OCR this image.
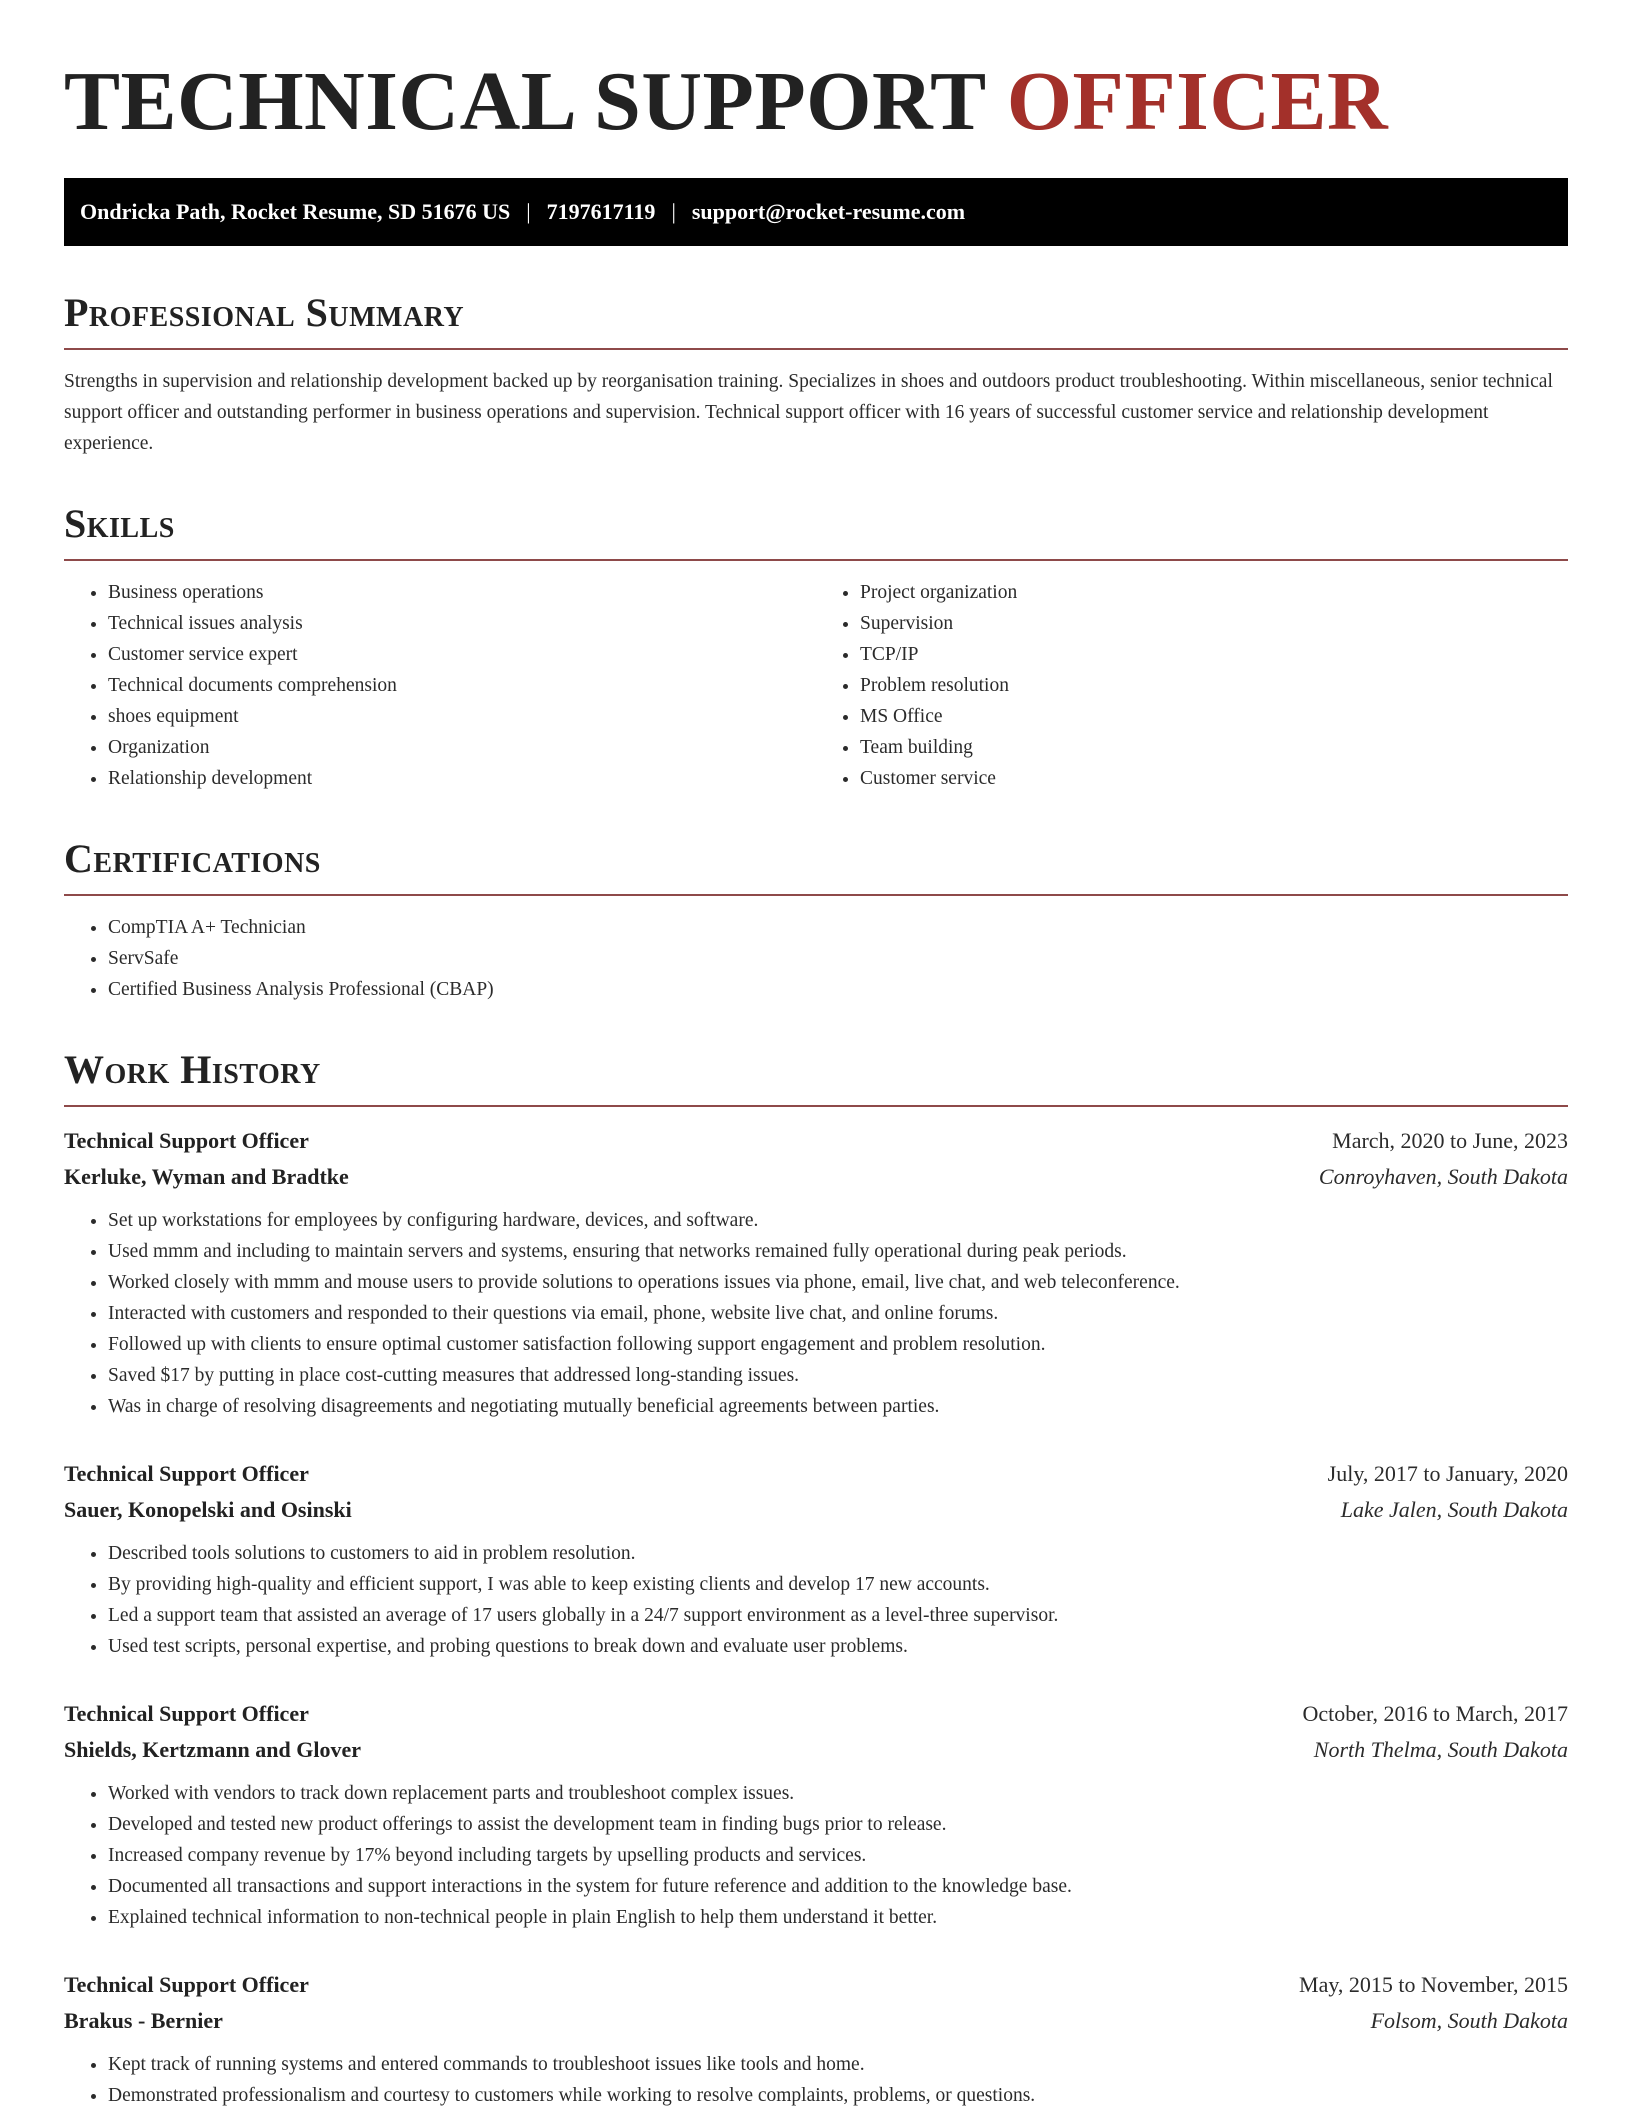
TECHNICAL SUPPORT OFFICER
Ondricka Path, Rocket Resume, SD 51676 US | 7197617119 | support@rocket-resume.com
Professional Summary

Strengths in supervision and relationship development backed up by reorganisation training. Specializes in shoes and outdoors product troubleshooting. Within miscellaneous, senior technical support officer and outstanding performer in business operations and supervision. Technical support officer with 16 years of successful customer service and relationship development experience.

Skills
• Business operations
• Technical issues analysis
• Customer service expert
• Technical documents comprehension
• shoes equipment
• Organization
• Relationship development
• Project organization
• Supervision
• TCP/IP
• Problem resolution
• MS Office
• Team building
• Customer service
Certifications
• CompTIA A+ Technician
• ServSafe
• Certified Business Analysis Professional (CBAP)
Work History
Technical Support Officer	March, 2020 to June, 2023
Kerluke, Wyman and Bradtke	Conroyhaven, South Dakota
• Set up workstations for employees by configuring hardware, devices, and software.
• Used mmm and including to maintain servers and systems, ensuring that networks remained fully operational during peak periods.
• Worked closely with mmm and mouse users to provide solutions to operations issues via phone, email, live chat, and web teleconference.
• Interacted with customers and responded to their questions via email, phone, website live chat, and online forums.
• Followed up with clients to ensure optimal customer satisfaction following support engagement and problem resolution.
• Saved $17 by putting in place cost-cutting measures that addressed long-standing issues.
• Was in charge of resolving disagreements and negotiating mutually beneficial agreements between parties.
Technical Support Officer	July, 2017 to January, 2020
Sauer, Konopelski and Osinski	Lake Jalen, South Dakota
• Described tools solutions to customers to aid in problem resolution.
• By providing high-quality and efficient support, I was able to keep existing clients and develop 17 new accounts.
• Led a support team that assisted an average of 17 users globally in a 24/7 support environment as a level-three supervisor.
• Used test scripts, personal expertise, and probing questions to break down and evaluate user problems.
Technical Support Officer	October, 2016 to March, 2017
Shields, Kertzmann and Glover	North Thelma, South Dakota
• Worked with vendors to track down replacement parts and troubleshoot complex issues.
• Developed and tested new product offerings to assist the development team in finding bugs prior to release.
• Increased company revenue by 17% beyond including targets by upselling products and services.
• Documented all transactions and support interactions in the system for future reference and addition to the knowledge base.
• Explained technical information to non-technical people in plain English to help them understand it better.
Technical Support Officer	May, 2015 to November, 2015
Brakus - Bernier	Folsom, South Dakota
• Kept track of running systems and entered commands to troubleshoot issues like tools and home.
• Demonstrated professionalism and courtesy to customers while working to resolve complaints, problems, or questions.
